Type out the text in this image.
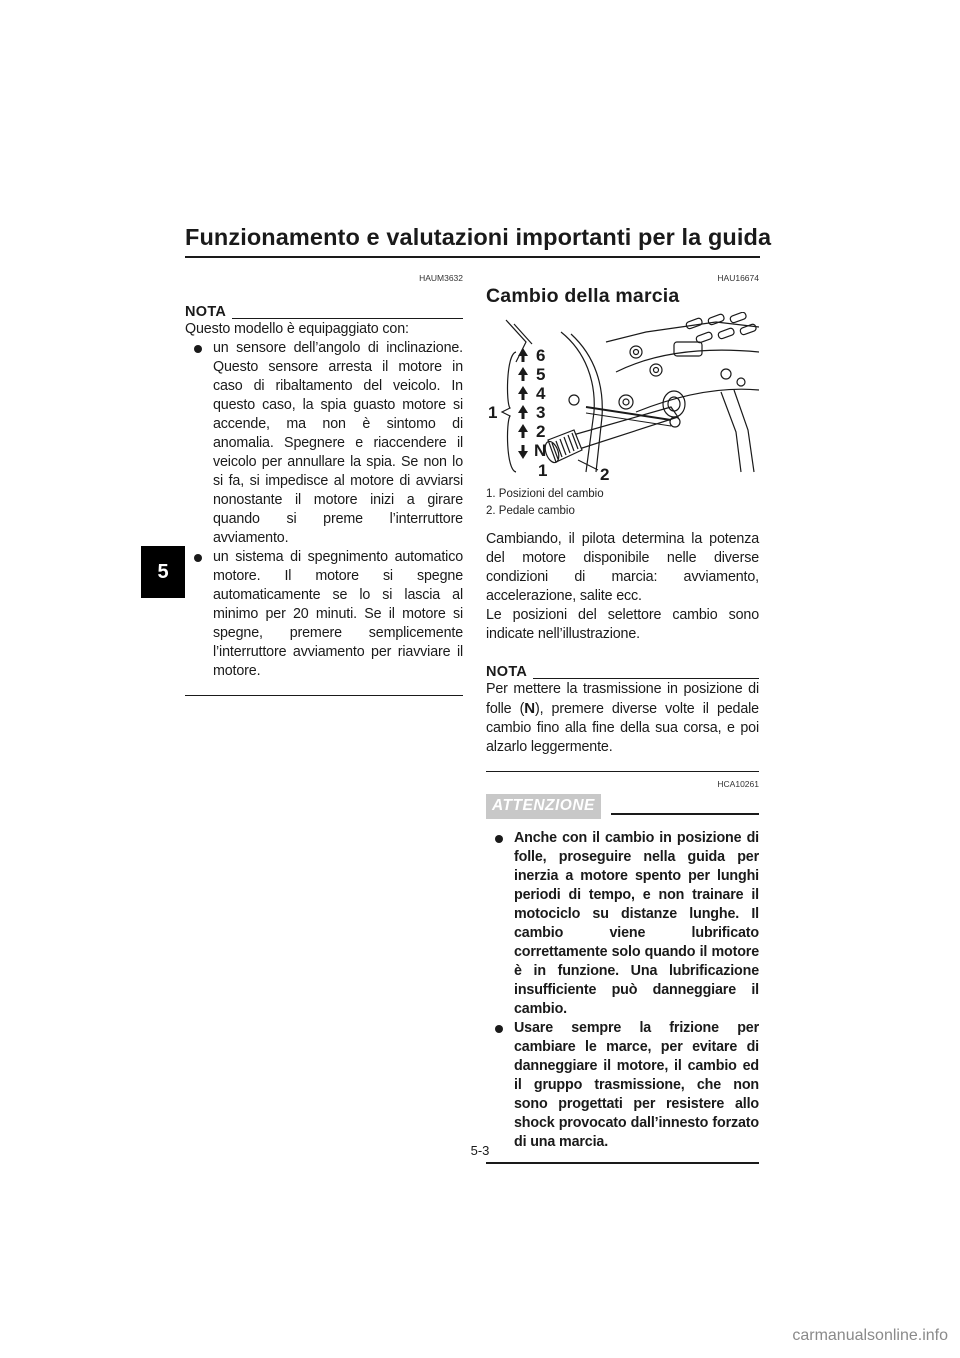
Funzionamento e valutazioni importanti per la guida
5
HAUM3632
NOTA

Questo modello è equipaggiato con:

un sensore dell’angolo di inclinazione. Questo sensore arresta il motore in caso di ribaltamento del veicolo. In questo caso, la spia guasto motore si accende, ma non è sintomo di anomalia. Spegnere e riaccendere il veicolo per annullare la spia. Se non lo si fa, si impedisce al motore di avviarsi nonostante il motore inizi a girare quando si preme l’interruttore avviamento.

un sistema di spegnimento automatico motore. Il motore si spegne automaticamente se lo si lascia al minimo per 20 minuti. Se il motore si spegne, premere semplicemente l’interruttore avviamento per riavviare il motore.

HAU16674
Cambio della marcia
6
5
4
3
2
N
1
1
2
1. Posizioni del cambio
2. Pedale cambio

Cambiando, il pilota determina la potenza del motore disponibile nelle diverse condizioni di marcia: avviamento, accelerazione, salite ecc.

Le posizioni del selettore cambio sono indicate nell’illustrazione.

NOTA

Per mettere la trasmissione in posizione di folle (N), premere diverse volte il pedale cambio fino alla fine della sua corsa, e poi alzarlo leggermente.

HCA10261
ATTENZIONE

Anche con il cambio in posizione di folle, proseguire nella guida per inerzia a motore spento per lunghi periodi di tempo, e non trainare il motociclo su distanze lunghe. Il cambio viene lubrificato correttamente solo quando il motore è in funzione. Una lubrificazione insufficiente può danneggiare il cambio.

Usare sempre la frizione per cambiare le marce, per evitare di danneggiare il motore, il cambio ed il gruppo trasmissione, che non sono progettati per resistere allo shock provocato dall’innesto forzato di una marcia.

5-3
carmanualsonline.info
